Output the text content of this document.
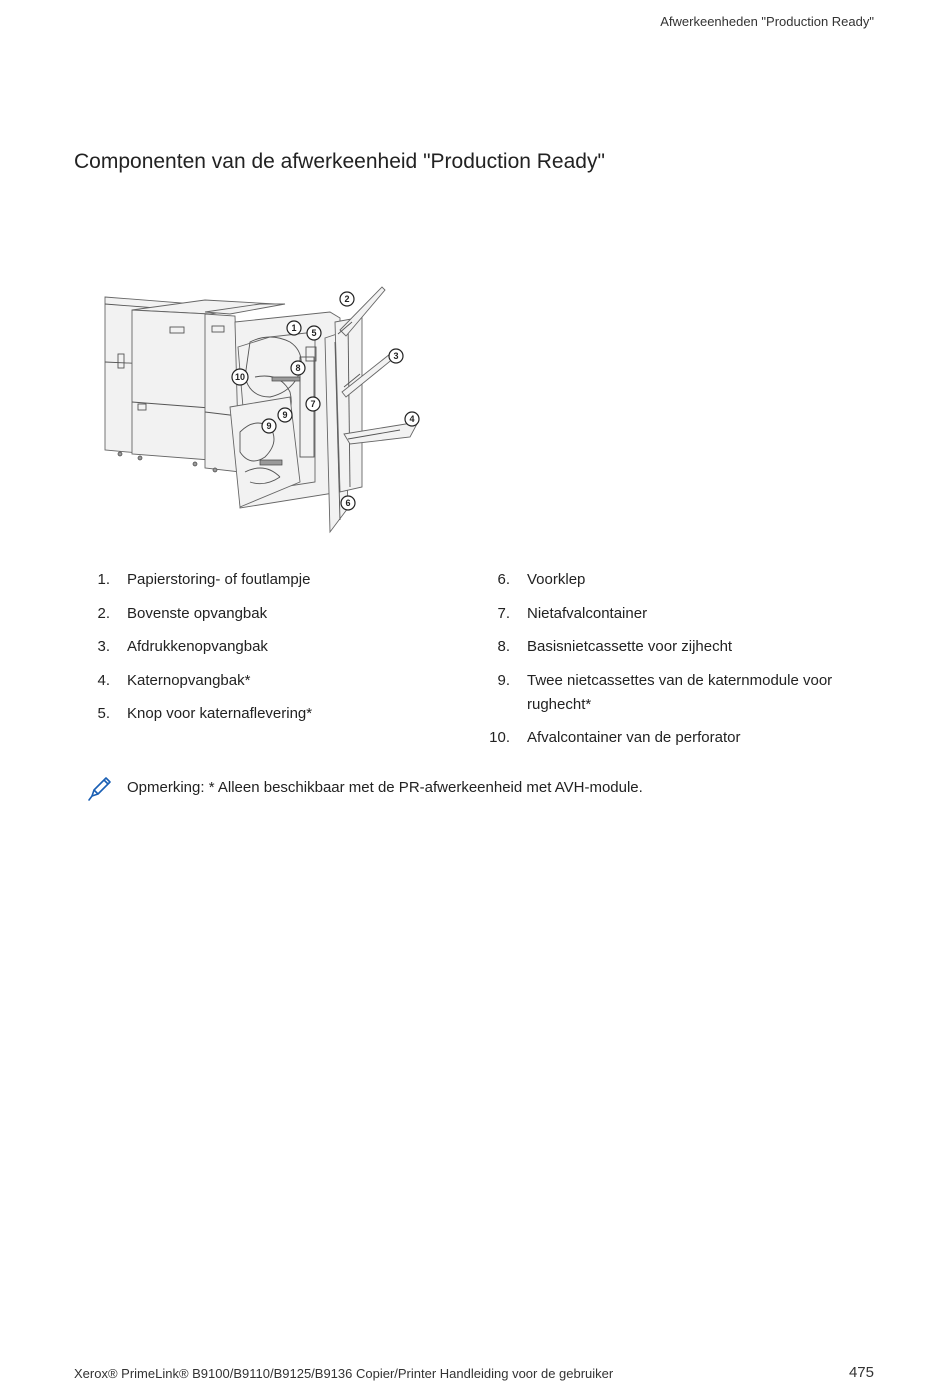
Afwerkeenheden "Production Ready"
Componenten van de afwerkeenheid "Production Ready"
1
2
3
4
5
6
7
8
9
9
10
1.	Papierstoring- of foutlampje
2.	Bovenste opvangbak
3.	Afdrukkenopvangbak
4.	Katernopvangbak*
5.	Knop voor katernaflevering*
6.	Voorklep
7.	Nietafvalcontainer
8.	Basisnietcassette voor zijhecht
9.	Twee nietcassettes van de katernmodule voor rughecht*
10.	Afvalcontainer van de perforator
Opmerking: * Alleen beschikbaar met de PR-afwerkeenheid met AVH-module.
Xerox® PrimeLink® B9100/B9110/B9125/B9136 Copier/Printer Handleiding voor de gebruiker	475
